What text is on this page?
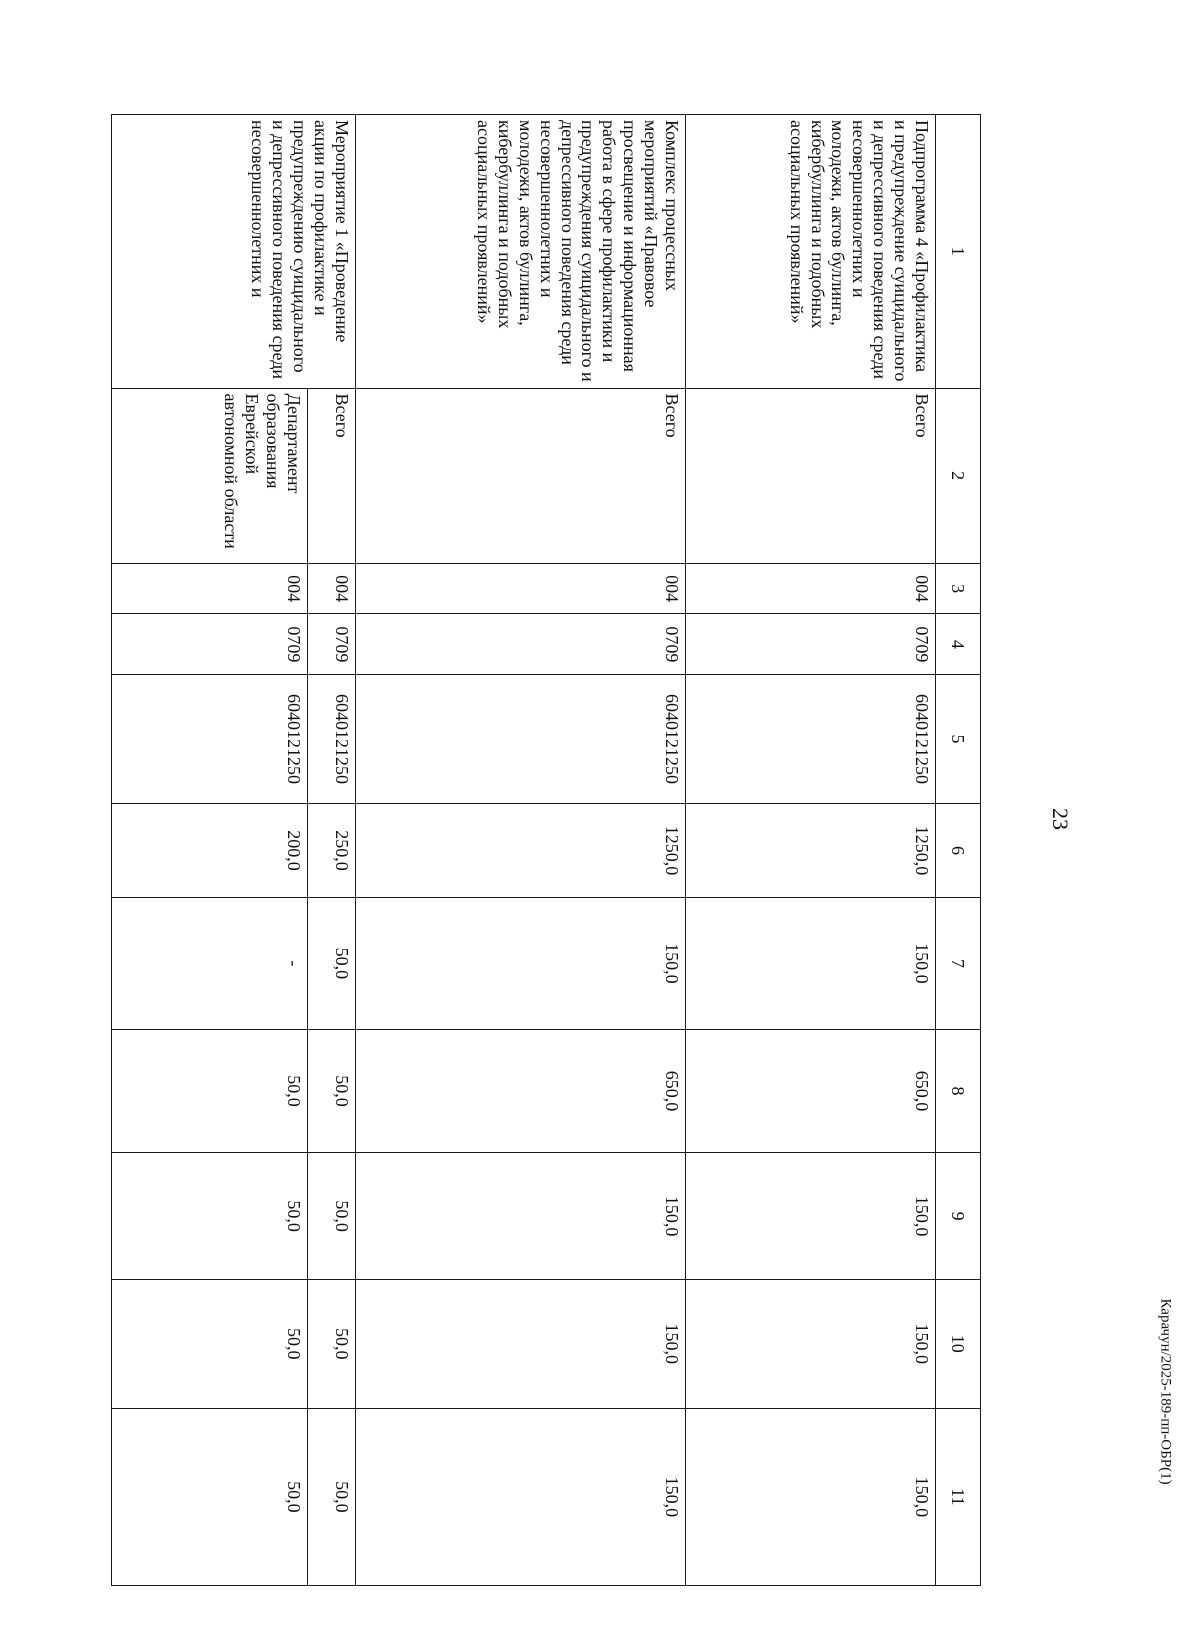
23
Карачун/2025-189-пп-ОБР(1)
1	2	3	4	5	6	7	8	9	10	11
Подпрограмма 4 «Профилактика и предупреждение суицидального и депрессивного поведения среди несовершеннолетних и молодежи, актов буллинга, кибербуллинга и подобных асоциальных проявлений»	Всего	004	0709	6040121250	1250,0	150,0	650,0	150,0	150,0	150,0
Комплекс процессных мероприятий «Правовое просвещение и информационная работа в сфере профилактики и предупреждения суицидального и депрессивного поведения среди несовершеннолетних и молодежи, актов буллинга, кибербуллинга и подобных асоциальных проявлений»	Всего	004	0709	6040121250	1250,0	150,0	650,0	150,0	150,0	150,0
Мероприятие 1 «Проведение акции по профилактике и предупреждению суицидального и депрессивного поведения среди несовершеннолетних и	Всего	004	0709	6040121250	250,0	50,0	50,0	50,0	50,0	50,0
	Департамент образования Еврейской автономной области	004	0709	6040121250	200,0	-	50,0	50,0	50,0	50,0
